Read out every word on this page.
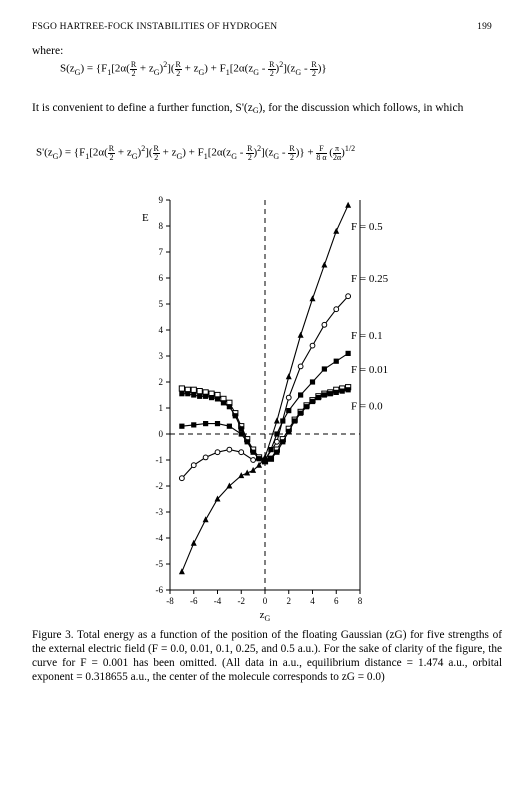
FSGO HARTREE-FOCK INSTABILITIES OF HYDROGEN	199
where:
$S(z_G) = \{F_1[2\alpha( \frac{R}{2} + z_G)^2]( \frac{R}{2} + z_G) + F_1[2\alpha(z_G - \frac{R}{2} )^2](z_G - \frac{R}{2}$ )}
It is convenient to define a further function, S'(zG), for the discussion which follows, in which
$S'(z_G) = \{F_1[2\alpha( \frac{R}{2} + z_G)^2]( \frac{R}{2} + z_G) + F_1[2\alpha(z_G - \frac{R}{2} )^2](z_G - \frac{R}{2}$ )} + $\frac{F}{8 \alpha}$ ( $\frac{\pi}{2\alpha} )^{1/2}$
-6
-5
-4
-3
-2
-1
0
1
2
3
4
5
6
7
8
9
-8 -6 -4 -2 0 2 4 6 8
E
$z_G$
F = 0.5
F = 0.25
F = 0.1
F = 0.01
F = 0.0
Figure 3. Total energy as a function of the position of the floating Gaussian (zG) for five strengths of the external electric field (F = 0.0, 0.01, 0.1, 0.25, and 0.5 a.u.). For the sake of clarity of the figure, the curve for F = 0.001 has been omitted. (All data in a.u., equilibrium distance = 1.474 a.u., orbital exponent = 0.318655 a.u., the center of the molecule corresponds to zG = 0.0)
